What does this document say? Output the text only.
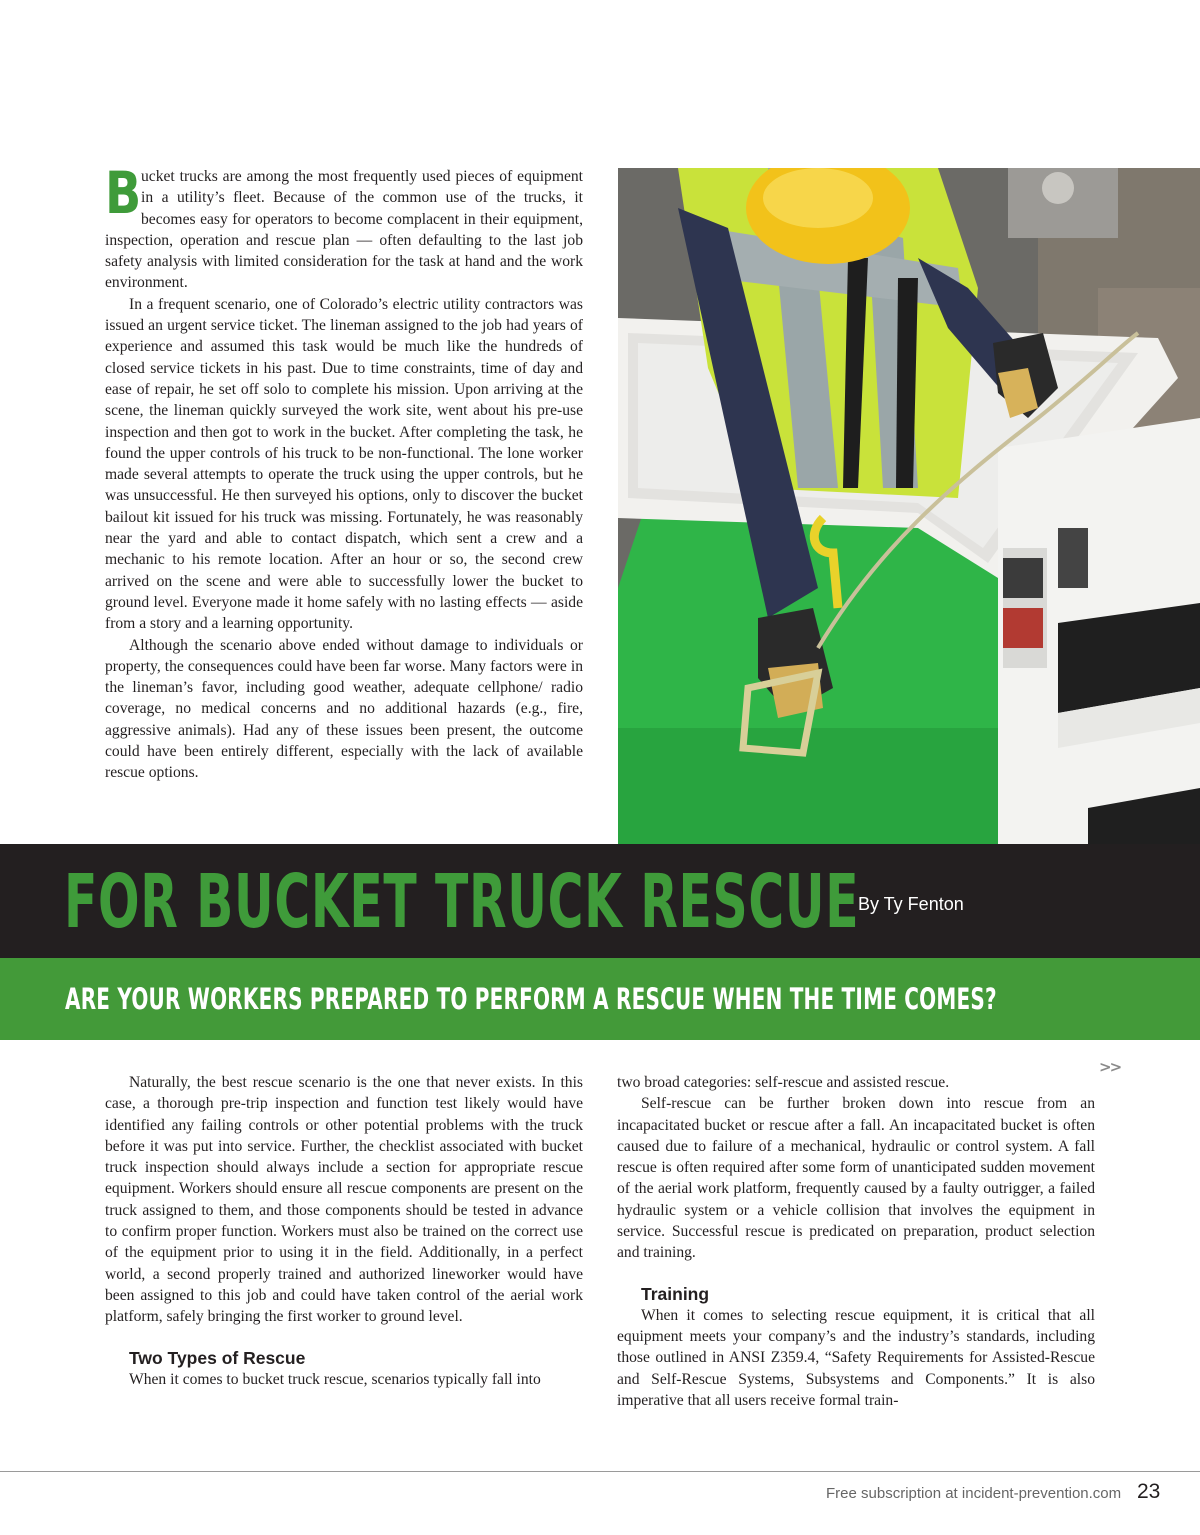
Bucket trucks are among the most frequently used pieces of equipment in a utility’s fleet. Because of the common use of the trucks, it becomes easy for operators to become complacent in their equipment, inspection, operation and rescue plan — often defaulting to the last job safety analysis with limited consideration for the task at hand and the work environment.

In a frequent scenario, one of Colorado’s electric utility contractors was issued an urgent service ticket. The lineman assigned to the job had years of experience and assumed this task would be much like the hundreds of closed service tickets in his past. Due to time constraints, time of day and ease of repair, he set off solo to complete his mission. Upon arriving at the scene, the lineman quickly surveyed the work site, went about his pre-use inspection and then got to work in the bucket. After completing the task, he found the upper controls of his truck to be non-functional. The lone worker made several attempts to operate the truck using the upper controls, but he was unsuccessful. He then surveyed his options, only to discover the bucket bailout kit issued for his truck was missing. Fortunately, he was reasonably near the yard and able to contact dispatch, which sent a crew and a mechanic to his remote location. After an hour or so, the second crew arrived on the scene and were able to successfully lower the bucket to ground level. Everyone made it home safely with no lasting effects — aside from a story and a learning opportunity.

Although the scenario above ended without damage to individuals or property, the consequences could have been far worse. Many factors were in the lineman’s favor, including good weather, adequate cellphone/ radio coverage, no medical concerns and no additional hazards (e.g., fire, aggressive animals). Had any of these issues been present, the outcome could have been entirely different, especially with the lack of available rescue options.

FOR BUCKET TRUCK RESCUE
By Ty Fenton
ARE YOUR WORKERS PREPARED TO PERFORM A RESCUE WHEN THE TIME COMES?

Naturally, the best rescue scenario is the one that never exists. In this case, a thorough pre-trip inspection and function test likely would have identified any failing controls or other potential problems with the truck before it was put into service. Further, the checklist associated with bucket truck inspection should always include a section for appropriate rescue equipment. Workers should ensure all rescue components are present on the truck assigned to them, and those components should be tested in advance to confirm proper function. Workers must also be trained on the correct use of the equipment prior to using it in the field. Additionally, in a perfect world, a second properly trained and authorized lineworker would have been assigned to this job and could have taken control of the aerial work platform, safely bringing the first worker to ground level.

Two Types of Rescue

When it comes to bucket truck rescue, scenarios typically fall into

two broad categories: self-rescue and assisted rescue.

Self-rescue can be further broken down into rescue from an incapacitated bucket or rescue after a fall. An incapacitated bucket is often caused due to failure of a mechanical, hydraulic or control system. A fall rescue is often required after some form of unanticipated sudden movement of the aerial work platform, frequently caused by a faulty outrigger, a failed hydraulic system or a vehicle collision that involves the equipment in service. Successful rescue is predicated on preparation, product selection and training.

Training

When it comes to selecting rescue equipment, it is critical that all equipment meets your company’s and the industry’s standards, including those outlined in ANSI Z359.4, “Safety Requirements for Assisted-Rescue and Self-Rescue Systems, Subsystems and Components.” It is also imperative that all users receive formal train-

>>
Free subscription at incident-prevention.com 23
